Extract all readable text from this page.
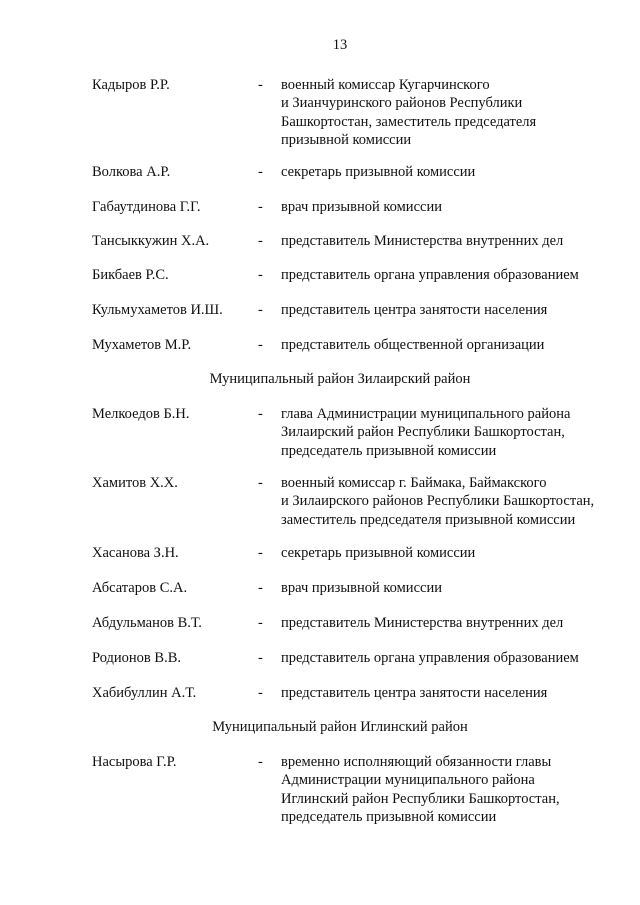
13
Кадыров Р.Р.	- военный комиссар Кугарчинского
и Зианчуринского районов Республики
Башкортостан, заместитель председателя
призывной комиссии
Волкова А.Р.	- секретарь призывной комиссии
Габаутдинова Г.Г.	- врач призывной комиссии
Тансыккужин Х.А.	- представитель Министерства внутренних дел
Бикбаев Р.С.	- представитель органа управления образованием
Кульмухаметов И.Ш. - представитель центра занятости населения
Мухаметов М.Р.	- представитель общественной организации
Муниципальный район Зилаирский район
Мелкоедов Б.Н.	- глава Администрации муниципального района
Зилаирский район Республики Башкортостан,
председатель призывной комиссии
Хамитов Х.Х.	- военный комиссар г. Баймака, Баймакского
и Зилаирского районов Республики Башкортостан,
заместитель председателя призывной комиссии
Хасанова З.Н.	- секретарь призывной комиссии
Абсатаров С.А.	- врач призывной комиссии
Абдульманов В.Т.	- представитель Министерства внутренних дел
Родионов В.В.	- представитель органа управления образованием
Хабибуллин А.Т.	- представитель центра занятости населения
Муниципальный район Иглинский район
Насырова Г.Р.	- временно исполняющий обязанности главы
Администрации муниципального района
Иглинский район Республики Башкортостан,
председатель призывной комиссии
